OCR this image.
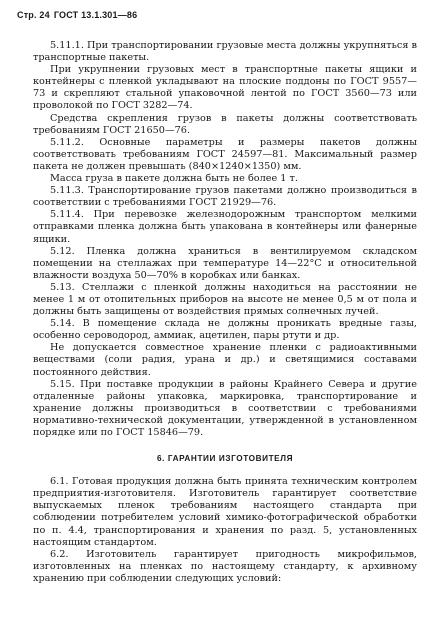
Стр. 24 ГОСТ 13.1.301—86

5.11.1. При транспортировании грузовые места должны укрупняться в транспортные пакеты.

При укрупнении грузовых мест в транспортные пакеты ящики и контейнеры с пленкой укладывают на плоские поддоны по ГОСТ 9557—73 и скрепляют стальной упаковочной лентой по ГОСТ 3560—73 или проволокой по ГОСТ 3282—74.

Средства скрепления грузов в пакеты должны соответствовать требованиям ГОСТ 21650—76.

5.11.2. Основные параметры и размеры пакетов должны соответствовать требованиям ГОСТ 24597—81. Максимальный размер пакета не должен превышать (840×1240×1350) мм.

Масса груза в пакете должна быть не более 1 т.

5.11.3. Транспортирование грузов пакетами должно производиться в соответствии с требованиями ГОСТ 21929—76.

5.11.4. При перевозке железнодорожным транспортом мелкими отправками пленка должна быть упакована в контейнеры или фанерные ящики.

5.12. Пленка должна храниться в вентилируемом складском помещении на стеллажах при температуре 14—22°С и относительной влажности воздуха 50—70% в коробках или банках.

5.13. Стеллажи с пленкой должны находиться на расстоянии не менее 1 м от отопительных приборов на высоте не менее 0,5 м от пола и должны быть защищены от воздействия прямых солнечных лучей.

5.14. В помещение склада не должны проникать вредные газы, особенно сероводород, аммиак, ацетилен, пары ртути и др.

Не допускается совместное хранение пленки с радиоактивными веществами (соли радия, урана и др.) и светящимися составами постоянного действия.

5.15. При поставке продукции в районы Крайнего Севера и другие отдаленные районы упаковка, маркировка, транспортирование и хранение должны производиться в соответствии с требованиями нормативно-технической документации, утвержденной в установленном порядке или по ГОСТ 15846—79.

6. ГАРАНТИИ ИЗГОТОВИТЕЛЯ

6.1. Готовая продукция должна быть принята техническим контролем предприятия-изготовителя. Изготовитель гарантирует соответствие выпускаемых пленок требованиям настоящего стандарта при соблюдении потребителем условий химико-фотографической обработки по п. 4.4, транспортирования и хранения по разд. 5, установленных настоящим стандартом.

6.2. Изготовитель гарантирует пригодность микрофильмов, изготовленных на пленках по настоящему стандарту, к архивному хранению при соблюдении следующих условий:
